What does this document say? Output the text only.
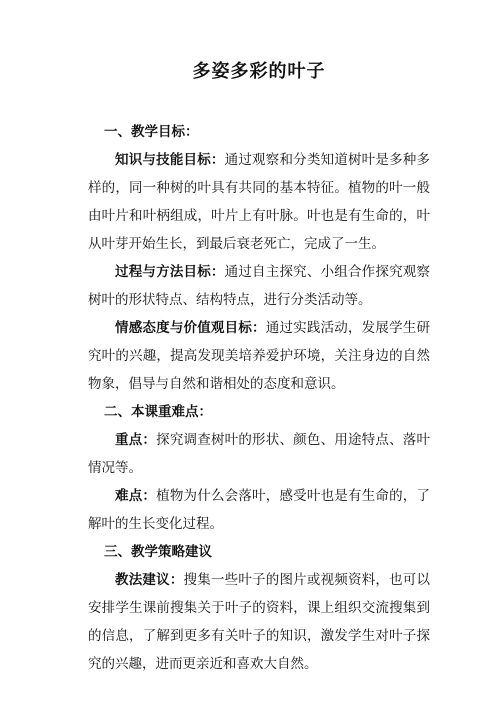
多姿多彩的叶子

一、教学目标：

知识与技能目标：通过观察和分类知道树叶是多种多样的，同一种树的叶具有共同的基本特征。植物的叶一般由叶片和叶柄组成，叶片上有叶脉。叶也是有生命的，叶从叶芽开始生长，到最后衰老死亡，完成了一生。

过程与方法目标：通过自主探究、小组合作探究观察树叶的形状特点、结构特点，进行分类活动等。

情感态度与价值观目标：通过实践活动，发展学生研究叶的兴趣，提高发现美培养爱护环境，关注身边的自然物象，倡导与自然和谐相处的态度和意识。

二、本课重难点：

重点：探究调查树叶的形状、颜色、用途特点、落叶情况等。

难点：植物为什么会落叶，感受叶也是有生命的，了解叶的生长变化过程。

三、教学策略建议

教法建议：搜集一些叶子的图片或视频资料，也可以安排学生课前搜集关于叶子的资料，课上组织交流搜集到的信息，了解到更多有关叶子的知识，激发学生对叶子探究的兴趣，进而更亲近和喜欢大自然。
